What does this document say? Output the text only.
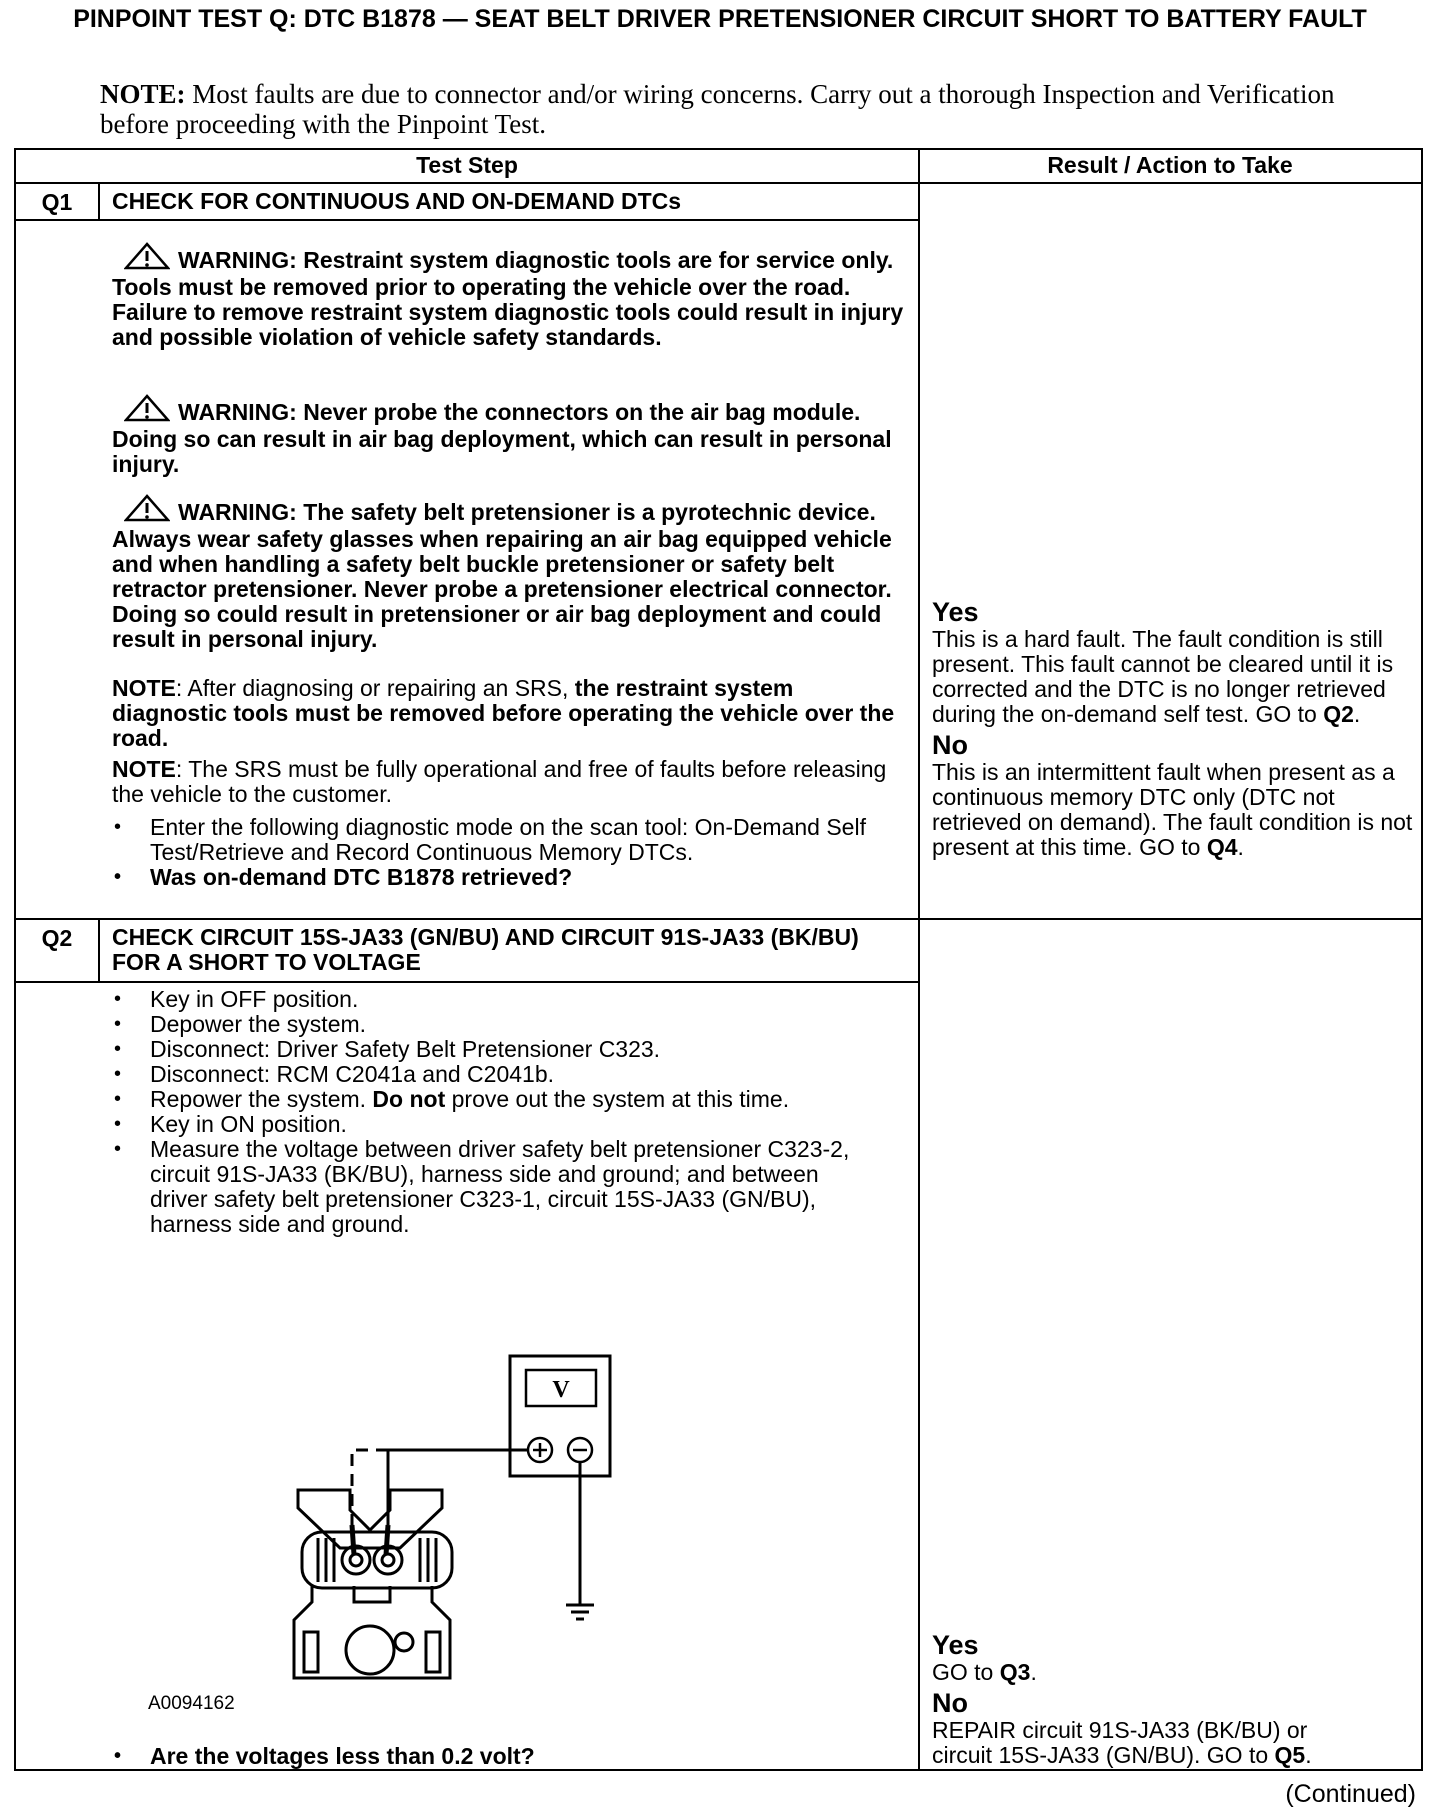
PINPOINT TEST Q: DTC B1878 — SEAT BELT DRIVER PRETENSIONER CIRCUIT SHORT TO BATTERY FAULT
NOTE: Most faults are due to connector and/or wiring concerns. Carry out a thorough Inspection and Verification before proceeding with the Pinpoint Test.
Test Step	Result / Action to Take
Q1	CHECK FOR CONTINUOUS AND ON-DEMAND DTCs
WARNING: Restraint system diagnostic tools are for service only. Tools must be removed prior to operating the vehicle over the road. Failure to remove restraint system diagnostic tools could result in injury and possible violation of vehicle safety standards.
WARNING: Never probe the connectors on the air bag module. Doing so can result in air bag deployment, which can result in personal injury.
WARNING: The safety belt pretensioner is a pyrotechnic device. Always wear safety glasses when repairing an air bag equipped vehicle and when handling a safety belt buckle pretensioner or safety belt retractor pretensioner. Never probe a pretensioner electrical connector. Doing so could result in pretensioner or air bag deployment and could result in personal injury.
NOTE: After diagnosing or repairing an SRS, the restraint system diagnostic tools must be removed before operating the vehicle over the road.
NOTE: The SRS must be fully operational and free of faults before releasing the vehicle to the customer.
• Enter the following diagnostic mode on the scan tool: On-Demand Self Test/Retrieve and Record Continuous Memory DTCs.
• Was on-demand DTC B1878 retrieved?
Yes
This is a hard fault. The fault condition is still present. This fault cannot be cleared until it is corrected and the DTC is no longer retrieved during the on-demand self test. GO to Q2.
No
This is an intermittent fault when present as a continuous memory DTC only (DTC not retrieved on demand). The fault condition is not present at this time. GO to Q4.
Q2	CHECK CIRCUIT 15S-JA33 (GN/BU) AND CIRCUIT 91S-JA33 (BK/BU) FOR A SHORT TO VOLTAGE
• Key in OFF position.
• Depower the system.
• Disconnect: Driver Safety Belt Pretensioner C323.
• Disconnect: RCM C2041a and C2041b.
• Repower the system. Do not prove out the system at this time.
• Key in ON position.
• Measure the voltage between driver safety belt pretensioner C323-2, circuit 91S-JA33 (BK/BU), harness side and ground; and between driver safety belt pretensioner C323-1, circuit 15S-JA33 (GN/BU), harness side and ground.
V
A0094162
• Are the voltages less than 0.2 volt?
Yes
GO to Q3.
No
REPAIR circuit 91S-JA33 (BK/BU) or circuit 15S-JA33 (GN/BU). GO to Q5.
(Continued)
